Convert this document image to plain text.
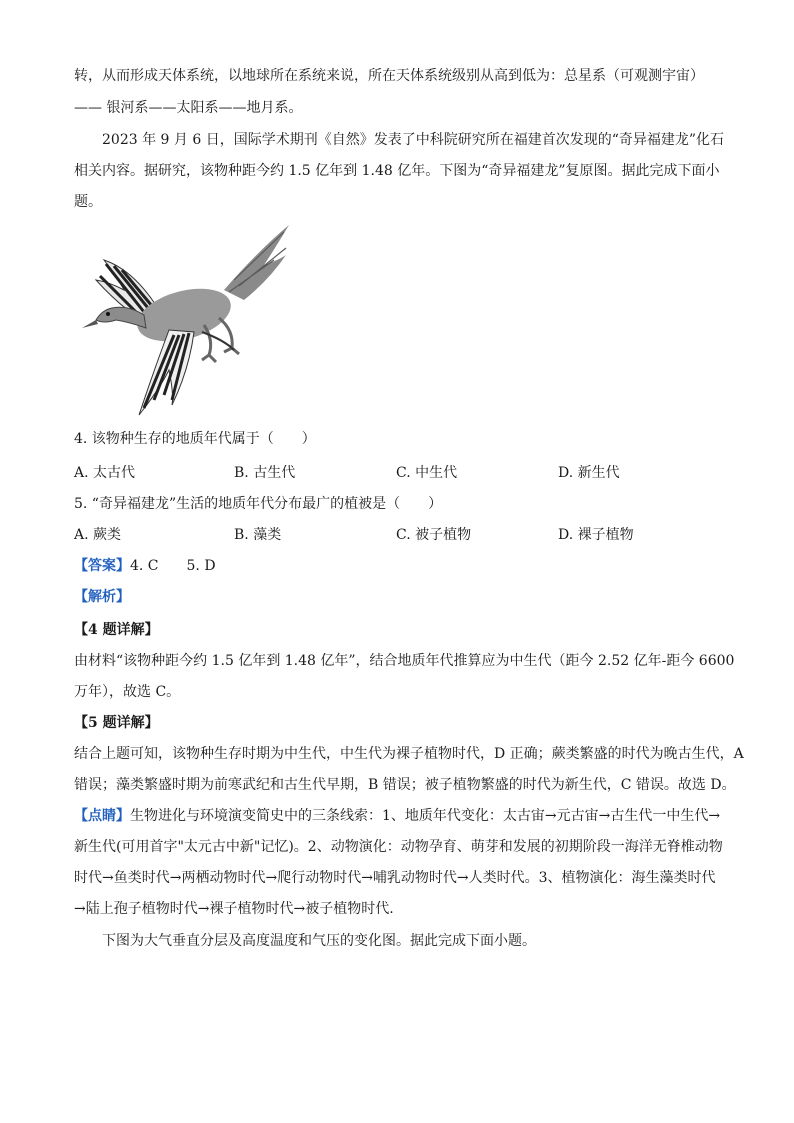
转，从而形成天体系统，以地球所在系统来说，所在天体系统级别从高到低为：总星系（可观测宇宙）
—— 银河系——太阳系——地月系。
2023 年 9 月 6 日，国际学术期刊《自然》发表了中科院研究所在福建首次发现的“奇异福建龙”化石
相关内容。据研究，该物种距今约 1.5 亿年到 1.48 亿年。下图为“奇异福建龙”复原图。据此完成下面小
题。
4. 该物种生存的地质年代属于（　　）
A. 太古代	B. 古生代	C. 中生代	D. 新生代
5. “奇异福建龙”生活的地质年代分布最广的植被是（　　）
A. 蕨类	B. 藻类	C. 被子植物	D. 裸子植物
【答案】4. C　　5. D
【解析】
【4 题详解】
由材料“该物种距今约 1.5 亿年到 1.48 亿年”，结合地质年代推算应为中生代（距今 2.52 亿年-距今 6600
万年），故选 C。
【5 题详解】
结合上题可知，该物种生存时期为中生代，中生代为裸子植物时代，D 正确；蕨类繁盛的时代为晚古生代，A
错误；藻类繁盛时期为前寒武纪和古生代早期，B 错误；被子植物繁盛的时代为新生代，C 错误。故选 D。
【点睛】生物进化与环境演变简史中的三条线索：1、地质年代变化：太古宙→元古宙→古生代一中生代→
新生代(可用首字"太元古中新"记忆)。2、动物演化：动物孕育、萌芽和发展的初期阶段一海洋无脊椎动物
时代→鱼类时代→两栖动物时代→爬行动物时代→哺乳动物时代→人类时代。3、植物演化：海生藻类时代
→陆上孢子植物时代→裸子植物时代→被子植物时代.
下图为大气垂直分层及高度温度和气压的变化图。据此完成下面小题。
